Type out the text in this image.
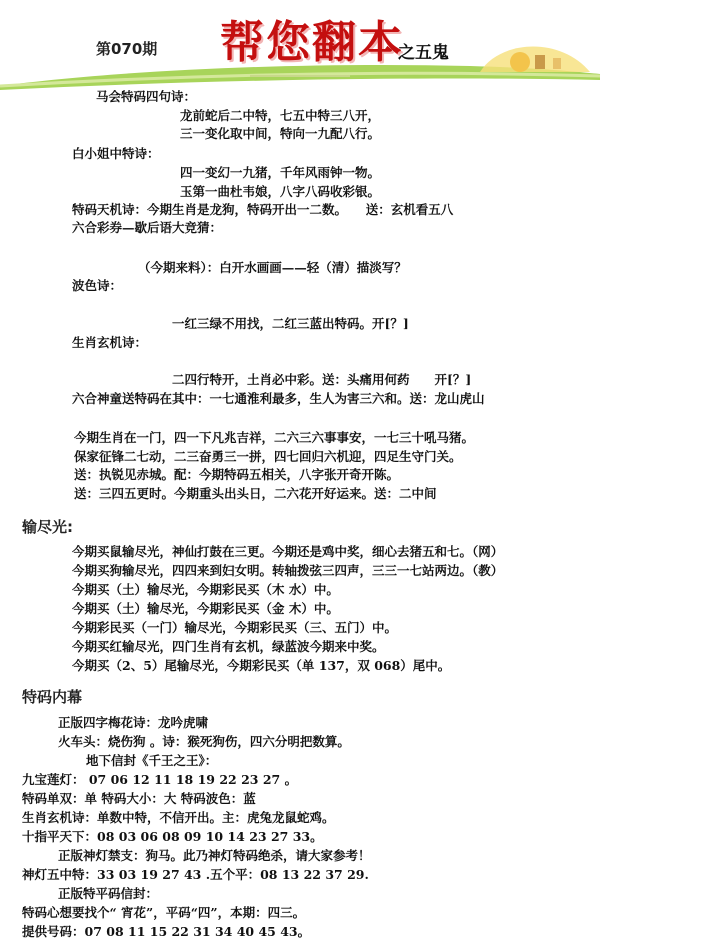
第070期 帮您翻本
之五鬼
马会特码四句诗：
龙前蛇后二中特，七五中特三八开，
三一变化取中间，特向一九配八行。
白小姐中特诗：
四一变幻一九猪，千年风雨钟一物。
玉第一曲杜韦娘，八字八码收彩银。
特码天机诗：今期生肖是龙狗，特码开出一二数。　　送：玄机看五八
六合彩券—歇后语大竞猜：
（今期来料）：白开水画画——轻（清）描淡写？
波色诗：
一红三绿不用找，二红三蓝出特码。开[？]
生肖玄机诗：
二四行特开，土肖必中彩。送：头痛用何药　　开[？]
六合神童送特码在其中：一七通淮利最多，生人为害三六和。送：龙山虎山
今期生肖在一门，四一下凡兆吉祥，二六三六事事安，一七三十吼马猪。
保家征锋二七动，二三奋勇三一拼，四七回归六机迎，四足生守门关。
送：执锐见赤城。配：今期特码五相关，八字张开奇开陈。
送：三四五更时。今期重头出头日，二六花开好运来。送：二中间
输尽光:
今期买鼠输尽光，神仙打鼓在三更。今期还是鸡中奖，细心去猪五和七。（网）
今期买狗输尽光，四四来到妇女明。转轴拨弦三四声，三三一七站两边。（教）
今期买（土）输尽光，今期彩民买（木 水）中。
今期买（土）输尽光，今期彩民买（金 木）中。
今期彩民买（一门）输尽光，今期彩民买（三、五门）中。
今期买红输尽光，四门生肖有玄机，绿蓝波今期来中奖。
今期买（2、5）尾输尽光，今期彩民买（单 137，双 068）尾中。
特码内幕
正版四字梅花诗：龙吟虎啸
火车头：烧伤狗 。诗：猴死狗伤，四六分明把数算。
地下信封《千王之王》：
九宝莲灯： 07 06 12 11 18 19 22 23 27 。
特码单双：单 特码大小：大 特码波色：蓝
生肖玄机诗：单数中特，不信开出。主：虎兔龙鼠蛇鸡。
十指平天下：08 03 06 08 09 10 14 23 27 33。
正版神灯禁支：狗马。此乃神灯特码绝杀，请大家参考！
神灯五中特：33 03 19 27 43 .五个平：08 13 22 37 29.
正版特平码信封：
特码心想要找个“ 宵花”，平码“四”，本期：四三。
提供号码：07 08 11 15 22 31 34 40 45 43。
